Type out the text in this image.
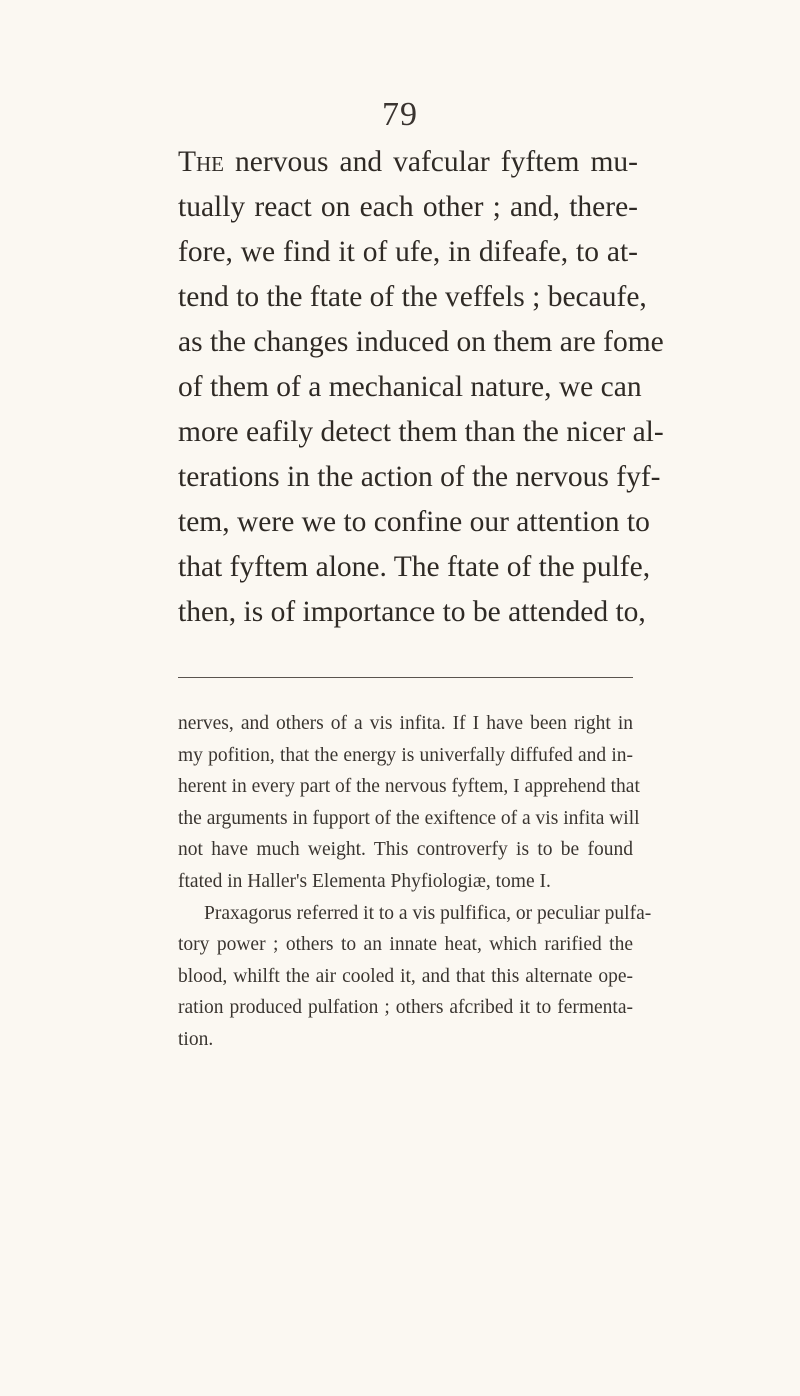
79
The nervous and vafcular fyftem mu-
tually react on each other ; and, there-
fore, we find it of ufe, in difeafe, to at-
tend to the ftate of the veffels ; becaufe,
as the changes induced on them are fome
of them of a mechanical nature, we can
more eafily detect them than the nicer al-
terations in the action of the nervous fyf-
tem, were we to confine our attention to
that fyftem alone. The ftate of the pulfe,
then, is of importance to be attended to,
nerves, and others of a vis infita. If I have been right in
my pofition, that the energy is univerfally diffufed and in-
herent in every part of the nervous fyftem, I apprehend that
the arguments in fupport of the exiftence of a vis infita will
not have much weight. This controverfy is to be found
ftated in Haller's Elementa Phyfiologiæ, tome I.
Praxagorus referred it to a vis pulfifica, or peculiar pulfa-
tory power ; others to an innate heat, which rarified the
blood, whilft the air cooled it, and that this alternate ope-
ration produced pulfation ; others afcribed it to fermenta-
tion.
